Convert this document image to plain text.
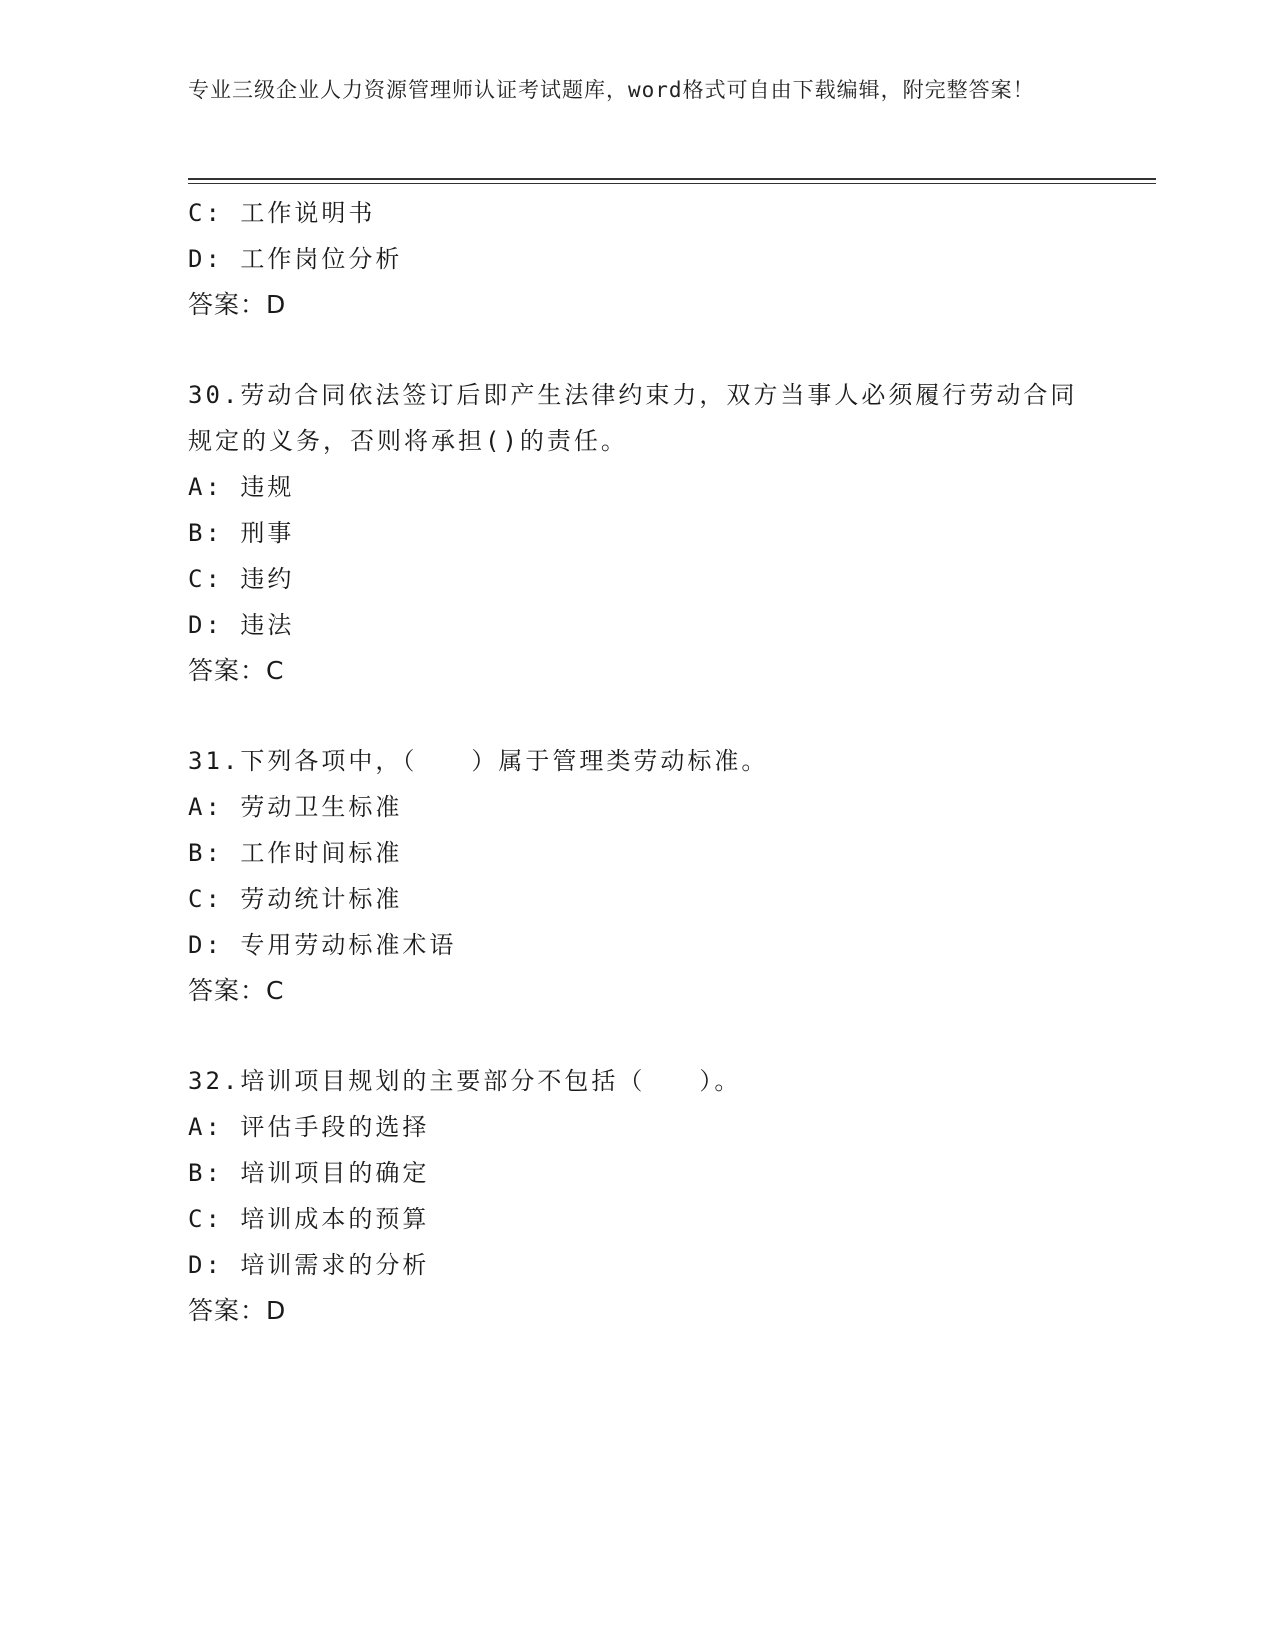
专业三级企业人力资源管理师认证考试题库，word格式可自由下载编辑，附完整答案！
C: 工作说明书
D: 工作岗位分析
答案：D
30.劳动合同依法签订后即产生法律约束力，双方当事人必须履行劳动合同规定的义务，否则将承担()的责任。
A: 违规
B: 刑事
C: 违约
D: 违法
答案：C
31.下列各项中，（　　）属于管理类劳动标准。
A: 劳动卫生标准
B: 工作时间标准
C: 劳动统计标准
D: 专用劳动标准术语
答案：C
32.培训项目规划的主要部分不包括（　　）。
A: 评估手段的选择
B: 培训项目的确定
C: 培训成本的预算
D: 培训需求的分析
答案：D
